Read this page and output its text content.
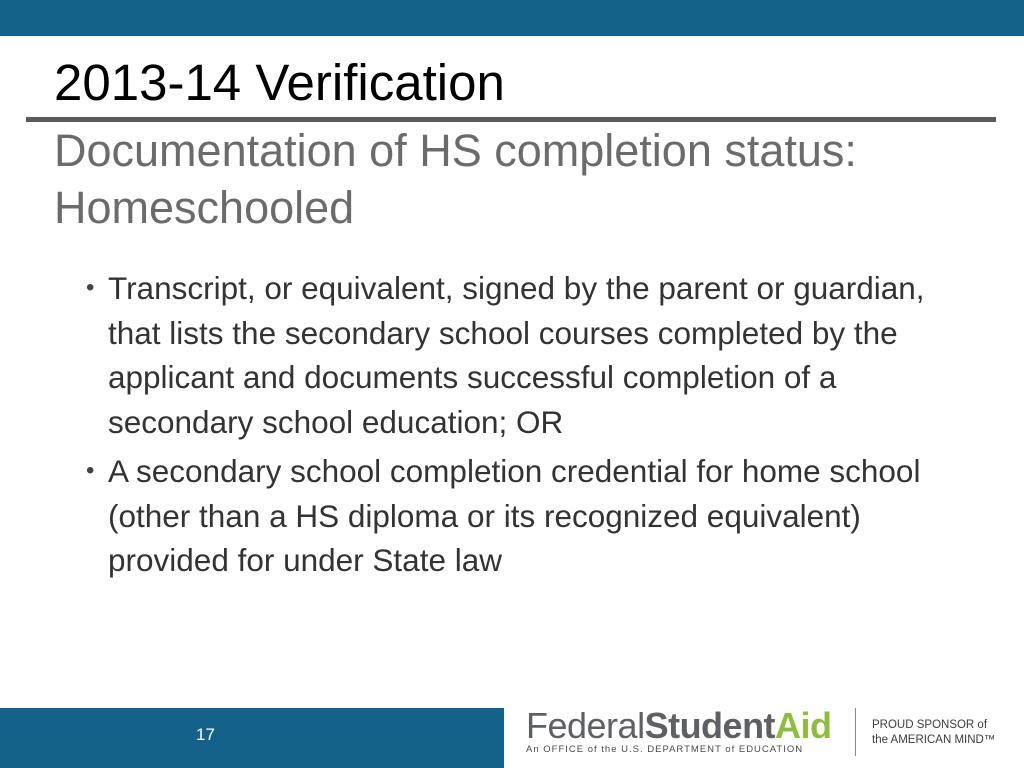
2013-14 Verification
Documentation of HS completion status: Homeschooled
• Transcript, or equivalent, signed by the parent or guardian, that lists the secondary school courses completed by the applicant and documents successful completion of a secondary school education; OR
• A secondary school completion credential for home school (other than a HS diploma or its recognized equivalent) provided for under State law
17	FederalStudentAid
An OFFICE of the U.S. DEPARTMENT of EDUCATION
PROUD SPONSOR of
the AMERICAN MIND™
